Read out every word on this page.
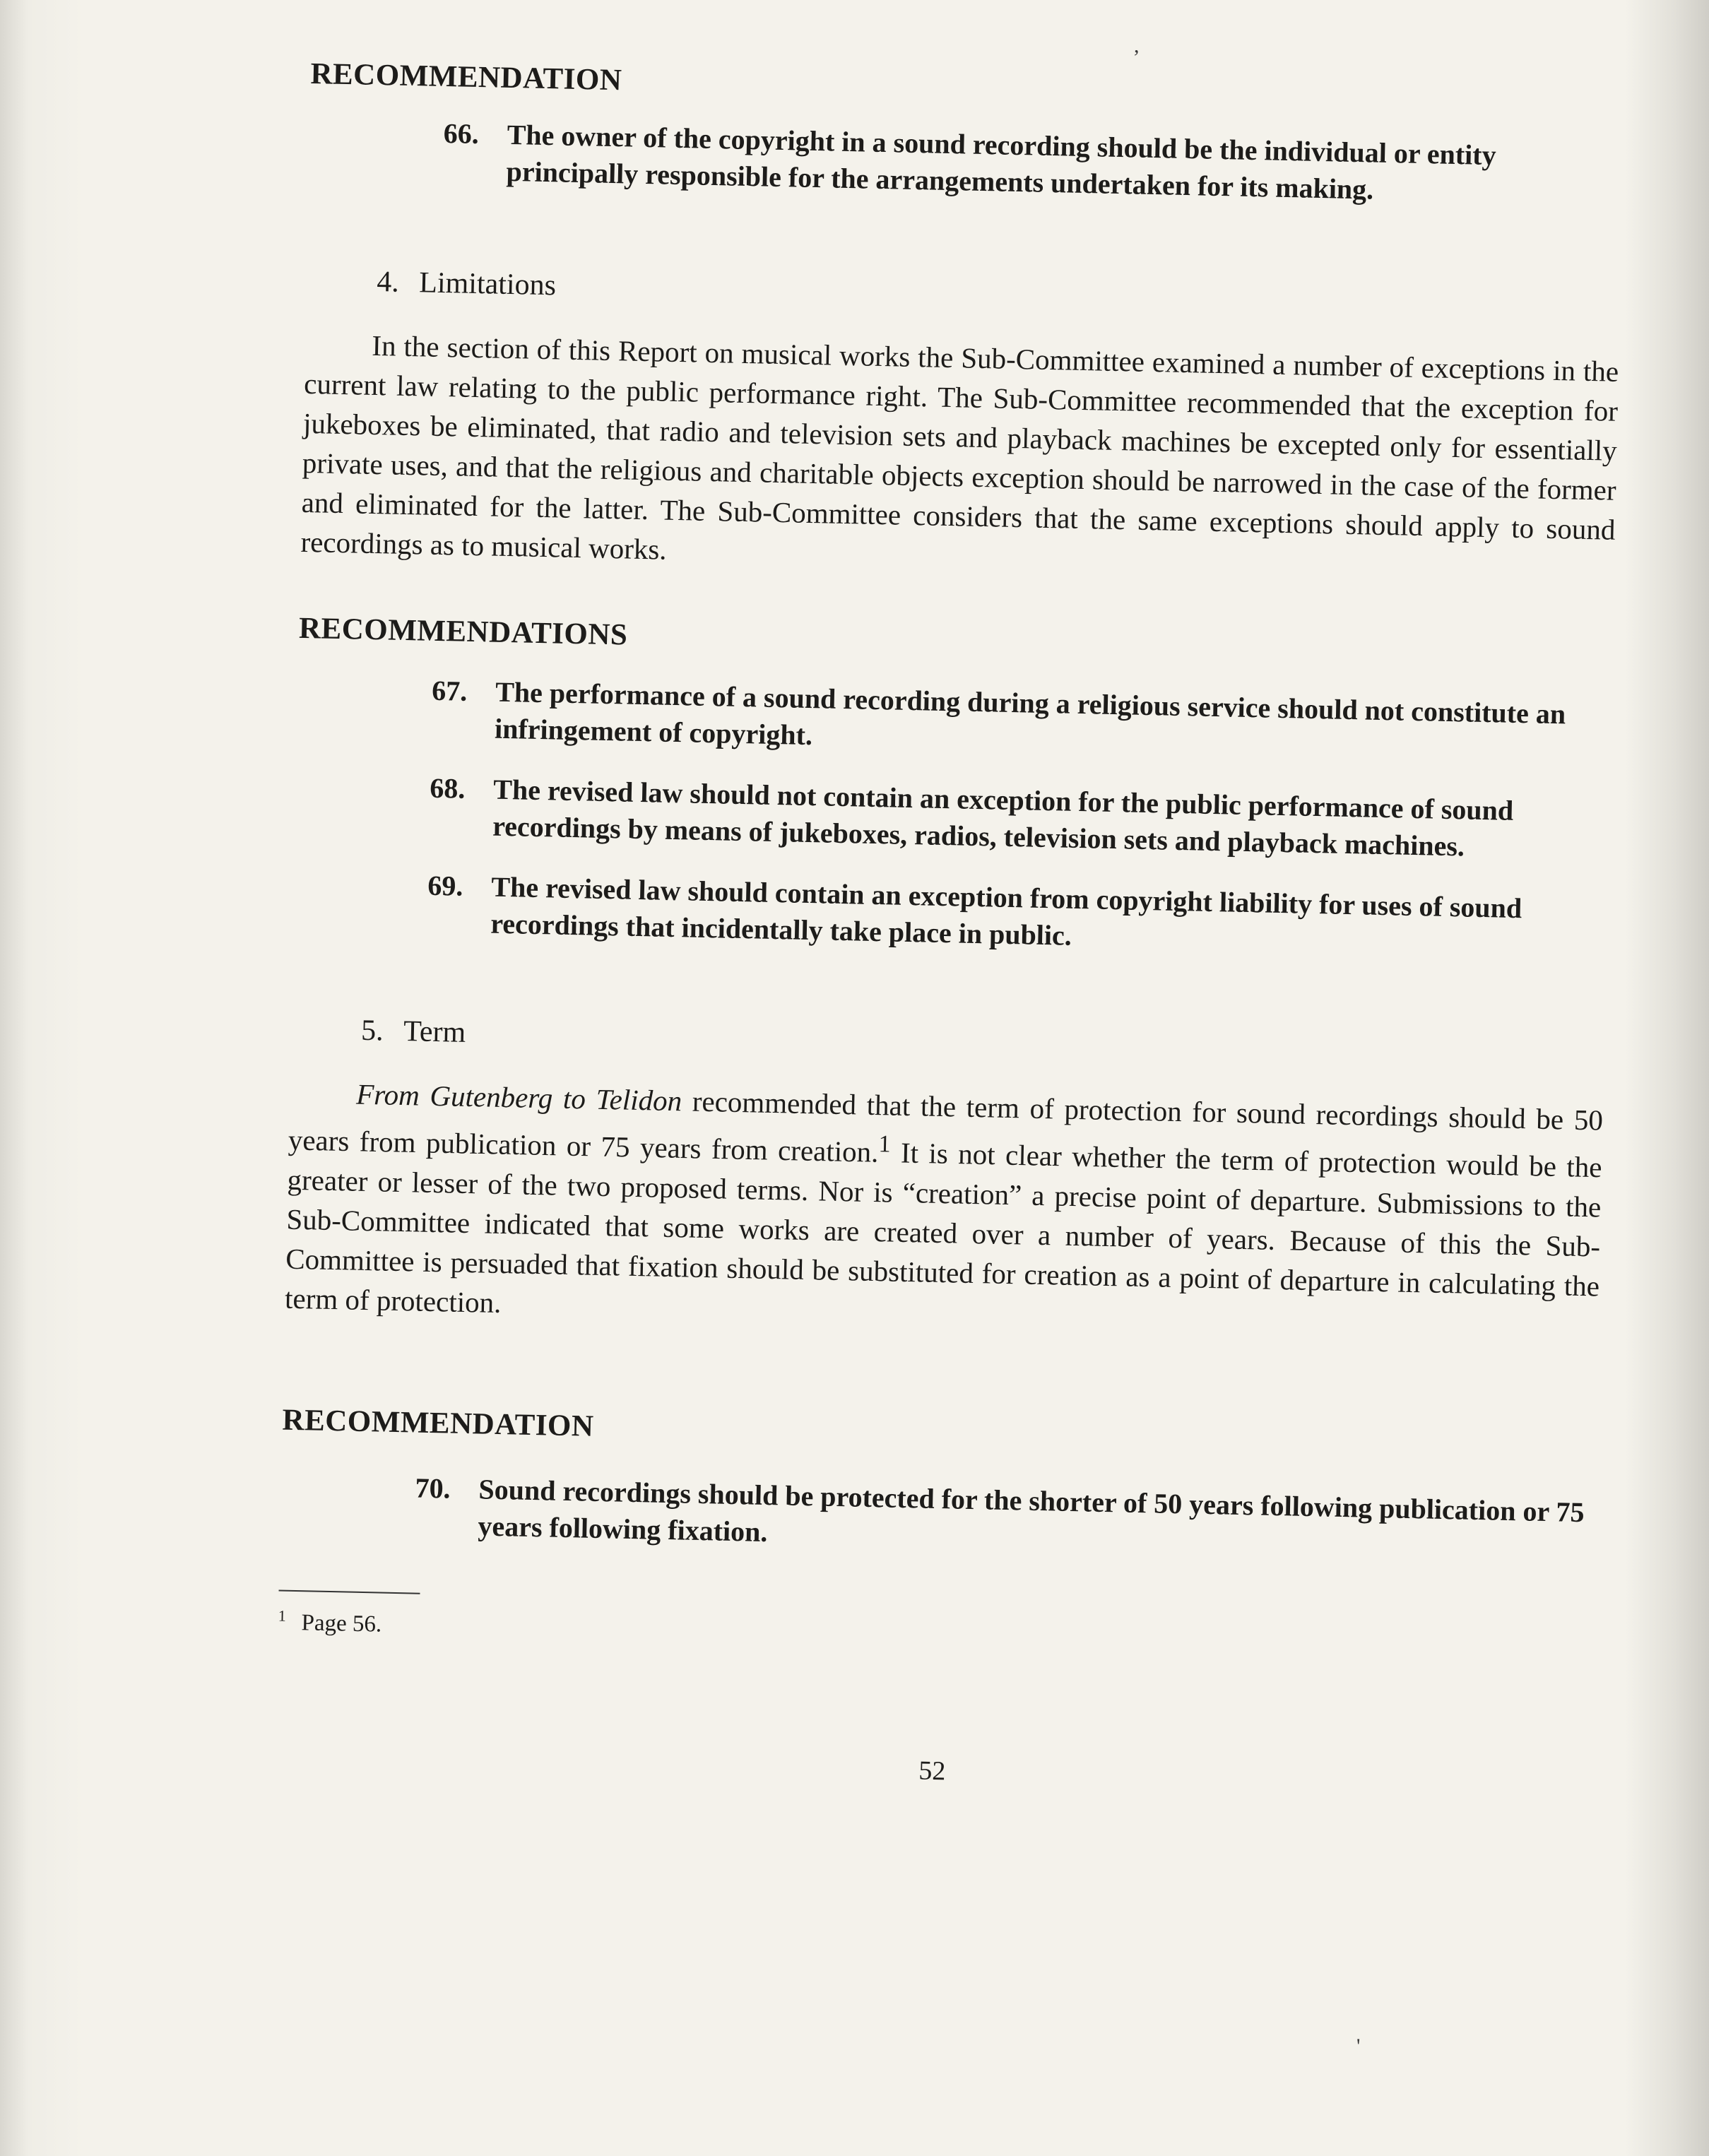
,
'
RECOMMENDATION

66. The owner of the copyright in a sound recording should be the individual or entity principally responsible for the arrangements undertaken for its making.

4. Limitations

In the section of this Report on musical works the Sub-Committee examined a number of exceptions in the current law relating to the public performance right. The Sub-Committee recommended that the exception for jukeboxes be eliminated, that radio and television sets and playback machines be excepted only for essentially private uses, and that the religious and charitable objects exception should be narrowed in the case of the former and eliminated for the latter. The Sub-Committee considers that the same exceptions should apply to sound recordings as to musical works.

RECOMMENDATIONS

67. The performance of a sound recording during a religious service should not constitute an infringement of copyright.

68. The revised law should not contain an exception for the public performance of sound recordings by means of jukeboxes, radios, television sets and playback machines.

69. The revised law should contain an exception from copyright liability for uses of sound recordings that incidentally take place in public.

5. Term

From Gutenberg to Telidon recommended that the term of protection for sound recordings should be 50 years from publication or 75 years from creation.$^1$ It is not clear whether the term of protection would be the greater or lesser of the two proposed terms. Nor is “creation” a precise point of departure. Submissions to the Sub-Committee indicated that some works are created over a number of years. Because of this the Sub-Committee is persuaded that fixation should be substituted for creation as a point of departure in calculating the term of protection.

RECOMMENDATION

70. Sound recordings should be protected for the shorter of 50 years following publication or 75 years following fixation.

$^1$ Page 56.

52
